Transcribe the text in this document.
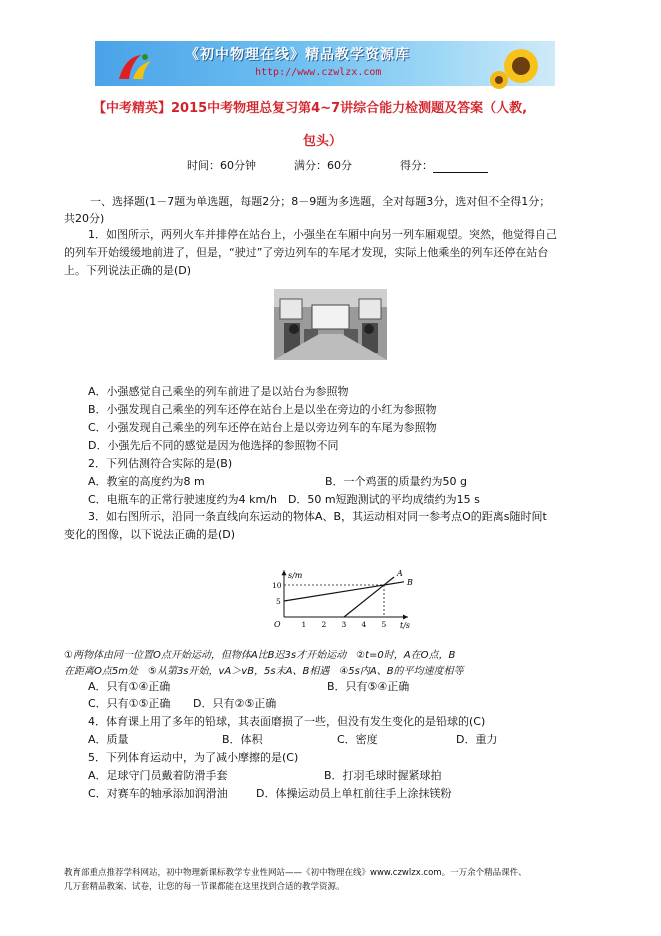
《初中物理在线》精品教学资源库
http://www.czwlzx.com
【中考精英】2015中考物理总复习第4~7讲综合能力检测题及答案（人教,
包头）
时间：60分钟	满分：60分	得分：
一、选择题(1－7题为单选题，每题2分；8－9题为多选题，全对每题3分，选对但不全得1分；
共20分)
1．如图所示，两列火车并排停在站台上，小强坐在车厢中向另一列车厢观望。突然，他觉得自己
的列车开始缓缓地前进了，但是，“驶过”了旁边列车的车尾才发现，实际上他乘坐的列车还停在站台
上。下列说法正确的是(D)
A．小强感觉自己乘坐的列车前进了是以站台为参照物
B．小强发现自己乘坐的列车还停在站台上是以坐在旁边的小红为参照物
C．小强发现自己乘坐的列车还停在站台上是以旁边列车的车尾为参照物
D．小强先后不同的感觉是因为他选择的参照物不同
2．下列估测符合实际的是(B)
A．教室的高度约为8 m	B．一个鸡蛋的质量约为50 g
C．电瓶车的正常行驶速度约为4 km/h　D．50 m短跑测试的平均成绩约为15 s
3．如右图所示，沿同一条直线向东运动的物体A、B，其运动相对同一参考点O的距离s随时间t
变化的图像，以下说法正确的是(D)
s/m
t/s
O	1 2 3 4 5
5
10
A
B
①两物体由同一位置O点开始运动，但物体A比B迟3s才开始运动　②t=0时，A在O点，B
在距离O点5m处　⑤从第3s开始，vA＞vB，5s末A、B相遇　④5s内A、B的平均速度相等
A．只有①④正确	B．只有⑤④正确
C．只有①⑤正确 D．只有②⑤正确
4．体育课上用了多年的铅球，其表面磨损了一些，但没有发生变化的是铅球的(C)
A．质量	B．体积	C．密度	D．重力
5．下列体育运动中，为了减小摩擦的是(C)
A．足球守门员戴着防滑手套	B．打羽毛球时握紧球拍
C．对赛车的轴承添加润滑油	D．体操运动员上单杠前往手上涂抹镁粉
教育部重点推荐学科网站，初中物理新课标教学专业性网站——《初中物理在线》www.czwlzx.com。一万余个精品课件、
几万套精品教案、试卷，让您的每一节课都能在这里找到合适的教学资源。
